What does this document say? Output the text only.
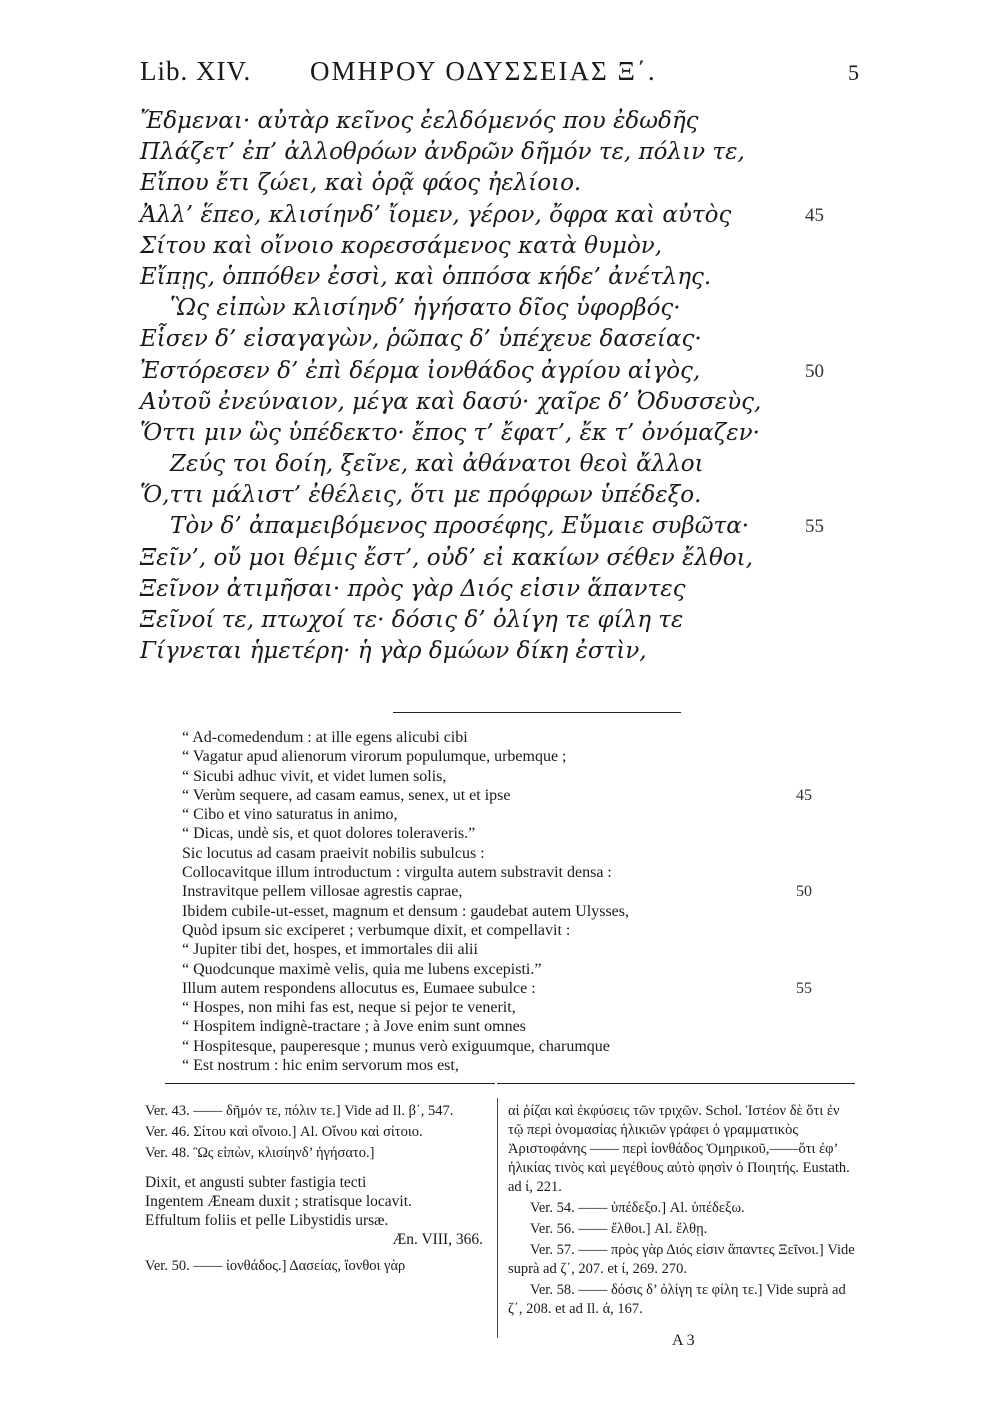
Lib. XIV. ΟΜΗΡΟΥ ΟΔΥΣΣΕΙΑΣ Ξ΄.	5
Ἔδμεναι· αὐτὰρ κεῖνος ἐελδόμενός που ἐδωδῆς
Πλάζετ’ ἐπ’ ἀλλοθρόων ἀνδρῶν δῆμόν τε, πόλιν τε,
Εἴπου ἔτι ζώει, καὶ ὁρᾷ φάος ἠελίοιο.
Ἀλλ’ ἕπεο, κλισίηνδ’ ἴομεν, γέρον, ὄφρα καὶ αὐτὸς	45
Σίτου καὶ οἴνοιο κορεσσάμενος κατὰ θυμὸν,
Εἴπῃς, ὁππόθεν ἐσσὶ, καὶ ὁππόσα κήδε’ ἀνέτλης.
Ὣς εἰπὼν κλισίηνδ’ ἡγήσατο δῖος ὑφορβός·
Εἷσεν δ’ εἰσαγαγὼν, ῥῶπας δ’ ὑπέχευε δασείας·
Ἐστόρεσεν δ’ ἐπὶ δέρμα ἰονθάδος ἀγρίου αἰγὸς,	50
Αὐτοῦ ἐνεύναιον, μέγα καὶ δασύ· χαῖρε δ’ Ὀδυσσεὺς,
Ὅττι μιν ὣς ὑπέδεκτο· ἔπος τ’ ἔφατ’, ἔκ τ’ ὀνόμαζεν·
Ζεύς τοι δοίη, ξεῖνε, καὶ ἀθάνατοι θεοὶ ἄλλοι
Ὅ,ττι μάλιστ’ ἐθέλεις, ὅτι με πρόφρων ὑπέδεξο.
Τὸν δ’ ἀπαμειβόμενος προσέφης, Εὔμαιε συβῶτα·	55
Ξεῖν’, οὔ μοι θέμις ἔστ’, οὐδ’ εἰ κακίων σέθεν ἔλθοι,
Ξεῖνον ἀτιμῆσαι· πρὸς γὰρ Διός εἰσιν ἅπαντες
Ξεῖνοί τε, πτωχοί τε· δόσις δ’ ὀλίγη τε φίλη τε
Γίγνεται ἡμετέρη· ἡ γὰρ δμώων δίκη ἐστὶν,
“ Ad-comedendum : at ille egens alicubi cibi
“ Vagatur apud alienorum virorum populumque, urbemque ;
“ Sicubi adhuc vivit, et videt lumen solis,
“ Verùm sequere, ad casam eamus, senex, ut et ipse	45
“ Cibo et vino saturatus in animo,
“ Dicas, undè sis, et quot dolores toleraveris.”
Sic locutus ad casam praeivit nobilis subulcus :
Collocavitque illum introductum : virgulta autem substravit densa :
Instravitque pellem villosae agrestis caprae,	50
Ibidem cubile-ut-esset, magnum et densum : gaudebat autem Ulysses,
Quòd ipsum sic exciperet ; verbumque dixit, et compellavit :
“ Jupiter tibi det, hospes, et immortales dii alii
“ Quodcunque maximè velis, quia me lubens excepisti.”
Illum autem respondens allocutus es, Eumaee subulce :	55
“ Hospes, non mihi fas est, neque si pejor te venerit,
“ Hospitem indignè-tractare ; à Jove enim sunt omnes
“ Hospitesque, pauperesque ; munus verò exiguumque, charumque
“ Est nostrum : hic enim servorum mos est,
Ver. 43. —— δῆμόν τε, πόλιν τε.] Vide ad Il. β΄, 547.
Ver. 46. Σίτου καὶ οἴνοιο.] Al. Οἴνου καὶ σίτοιο.
Ver. 48. Ὣς εἰπὼν, κλισίηνδ’ ἡγήσατο.]
Dixit, et angusti subter fastigia tecti
Ingentem Æneam duxit ; stratisque locavit.
Effultum foliis et pelle Libystidis ursæ.
Æn. VIII, 366.
Ver. 50. —— ἰονθάδος.] Δασείας, ἴονθοι γὰρ
αἱ ῥίζαι καὶ ἐκφύσεις τῶν τριχῶν. Schol. Ἰστέον δὲ ὅτι ἐν τῷ περὶ ὀνομασίας ἡλικιῶν γράφει ὁ γραμματικὸς Ἀριστοφάνης —— περὶ ἰονθάδος Ὁμηρικοῦ,——ὅτι ἐφ’ ἡλικίας τινὸς καὶ μεγέθους αὐτὸ φησὶν ὁ Ποιητής. Eustath. ad ί, 221.
Ver. 54. —— ὑπέδεξο.] Al. ὑπέδεξω.
Ver. 56. —— ἔλθοι.] Al. ἔλθῃ.
Ver. 57. —— πρὸς γὰρ Διός εἰσιν ἅπαντες Ξεῖνοι.] Vide suprà ad ζ΄, 207. et ί, 269. 270.
Ver. 58. —— δόσις δ’ ὀλίγη τε φίλη τε.] Vide suprà ad ζ΄, 208. et ad Il. ά, 167.
A 3
